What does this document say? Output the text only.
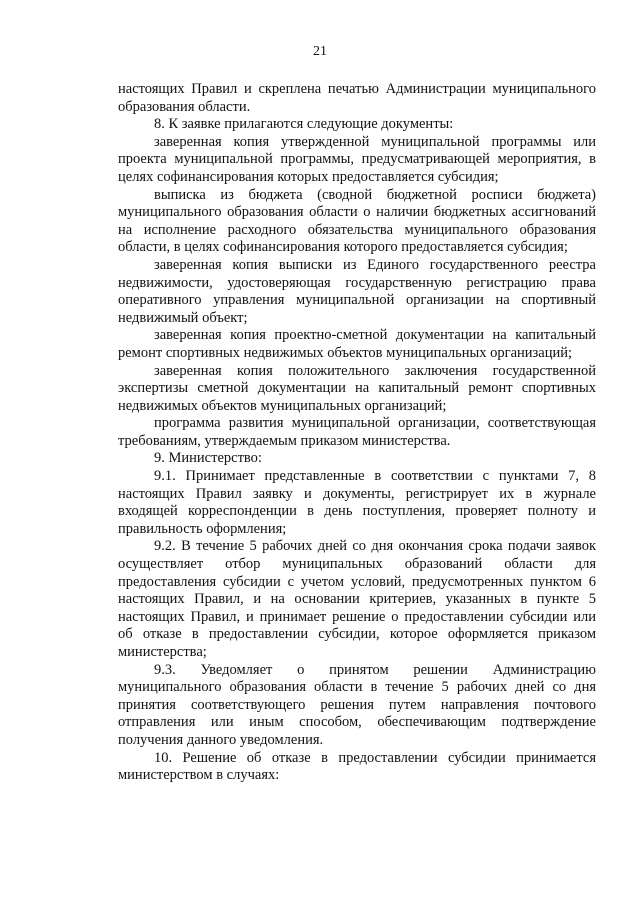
21

настоящих Правил и скреплена печатью Администрации муниципального образования области.

8. К заявке прилагаются следующие документы:

заверенная копия утвержденной муниципальной программы или проекта муниципальной программы, предусматривающей мероприятия, в целях софинансирования которых предоставляется субсидия;

выписка из бюджета (сводной бюджетной росписи бюджета) муниципального образования области о наличии бюджетных ассигнований на исполнение расходного обязательства муниципального образования области, в целях софинансирования которого предоставляется субсидия;

заверенная копия выписки из Единого государственного реестра недвижимости, удостоверяющая государственную регистрацию права оперативного управления муниципальной организации на спортивный недвижимый объект;

заверенная копия проектно-сметной документации на капитальный ремонт спортивных недвижимых объектов муниципальных организаций;

заверенная копия положительного заключения государственной экспертизы сметной документации на капитальный ремонт спортивных недвижимых объектов муниципальных организаций;

программа развития муниципальной организации, соответствующая требованиям, утверждаемым приказом министерства.

9. Министерство:

9.1. Принимает представленные в соответствии с пунктами 7, 8 настоящих Правил заявку и документы, регистрирует их в журнале входящей корреспонденции в день поступления, проверяет полноту и правильность оформления;

9.2. В течение 5 рабочих дней со дня окончания срока подачи заявок осуществляет отбор муниципальных образований области для предоставления субсидии с учетом условий, предусмотренных пунктом 6 настоящих Правил, и на основании критериев, указанных в пункте 5 настоящих Правил, и принимает решение о предоставлении субсидии или об отказе в предоставлении субсидии, которое оформляется приказом министерства;

9.3. Уведомляет о принятом решении Администрацию муниципального образования области в течение 5 рабочих дней со дня принятия соответствующего решения путем направления почтового отправления или иным способом, обеспечивающим подтверждение получения данного уведомления.

10. Решение об отказе в предоставлении субсидии принимается министерством в случаях:
